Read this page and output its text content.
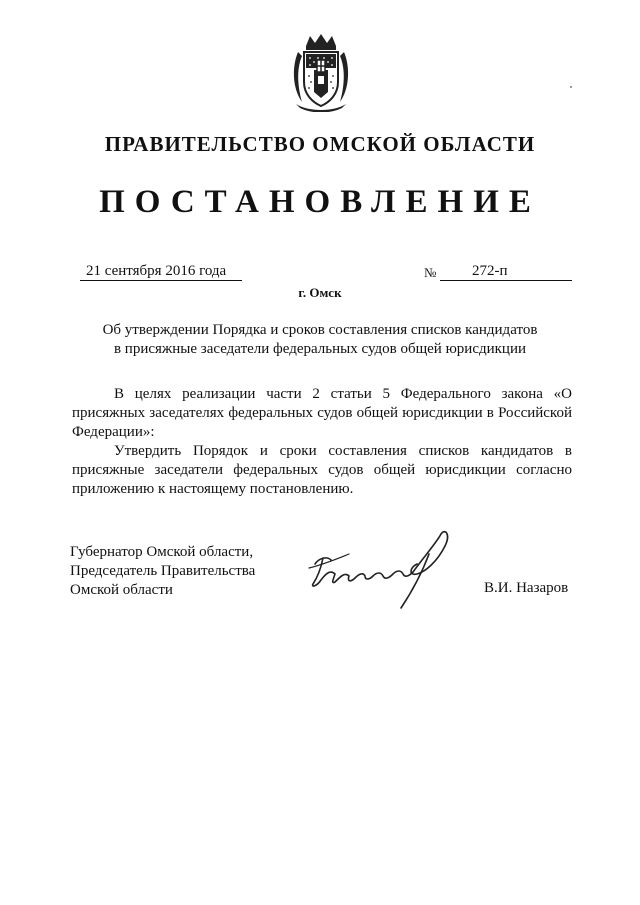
ПРАВИТЕЛЬСТВО ОМСКОЙ ОБЛАСТИ
ПОСТАНОВЛЕНИЕ
21 сентября 2016 года	№	272-п
г. Омск
Об утверждении Порядка и сроков составления списков кандидатов
в присяжные заседатели федеральных судов общей юрисдикции

В целях реализации части 2 статьи 5 Федерального закона «О присяжных заседателях федеральных судов общей юрисдикции в Российской Федерации»:

Утвердить Порядок и сроки составления списков кандидатов в присяжные заседатели федеральных судов общей юрисдикции согласно приложению к настоящему постановлению.

Губернатор Омской области,
Председатель Правительства
Омской области	В.И. Назаров
